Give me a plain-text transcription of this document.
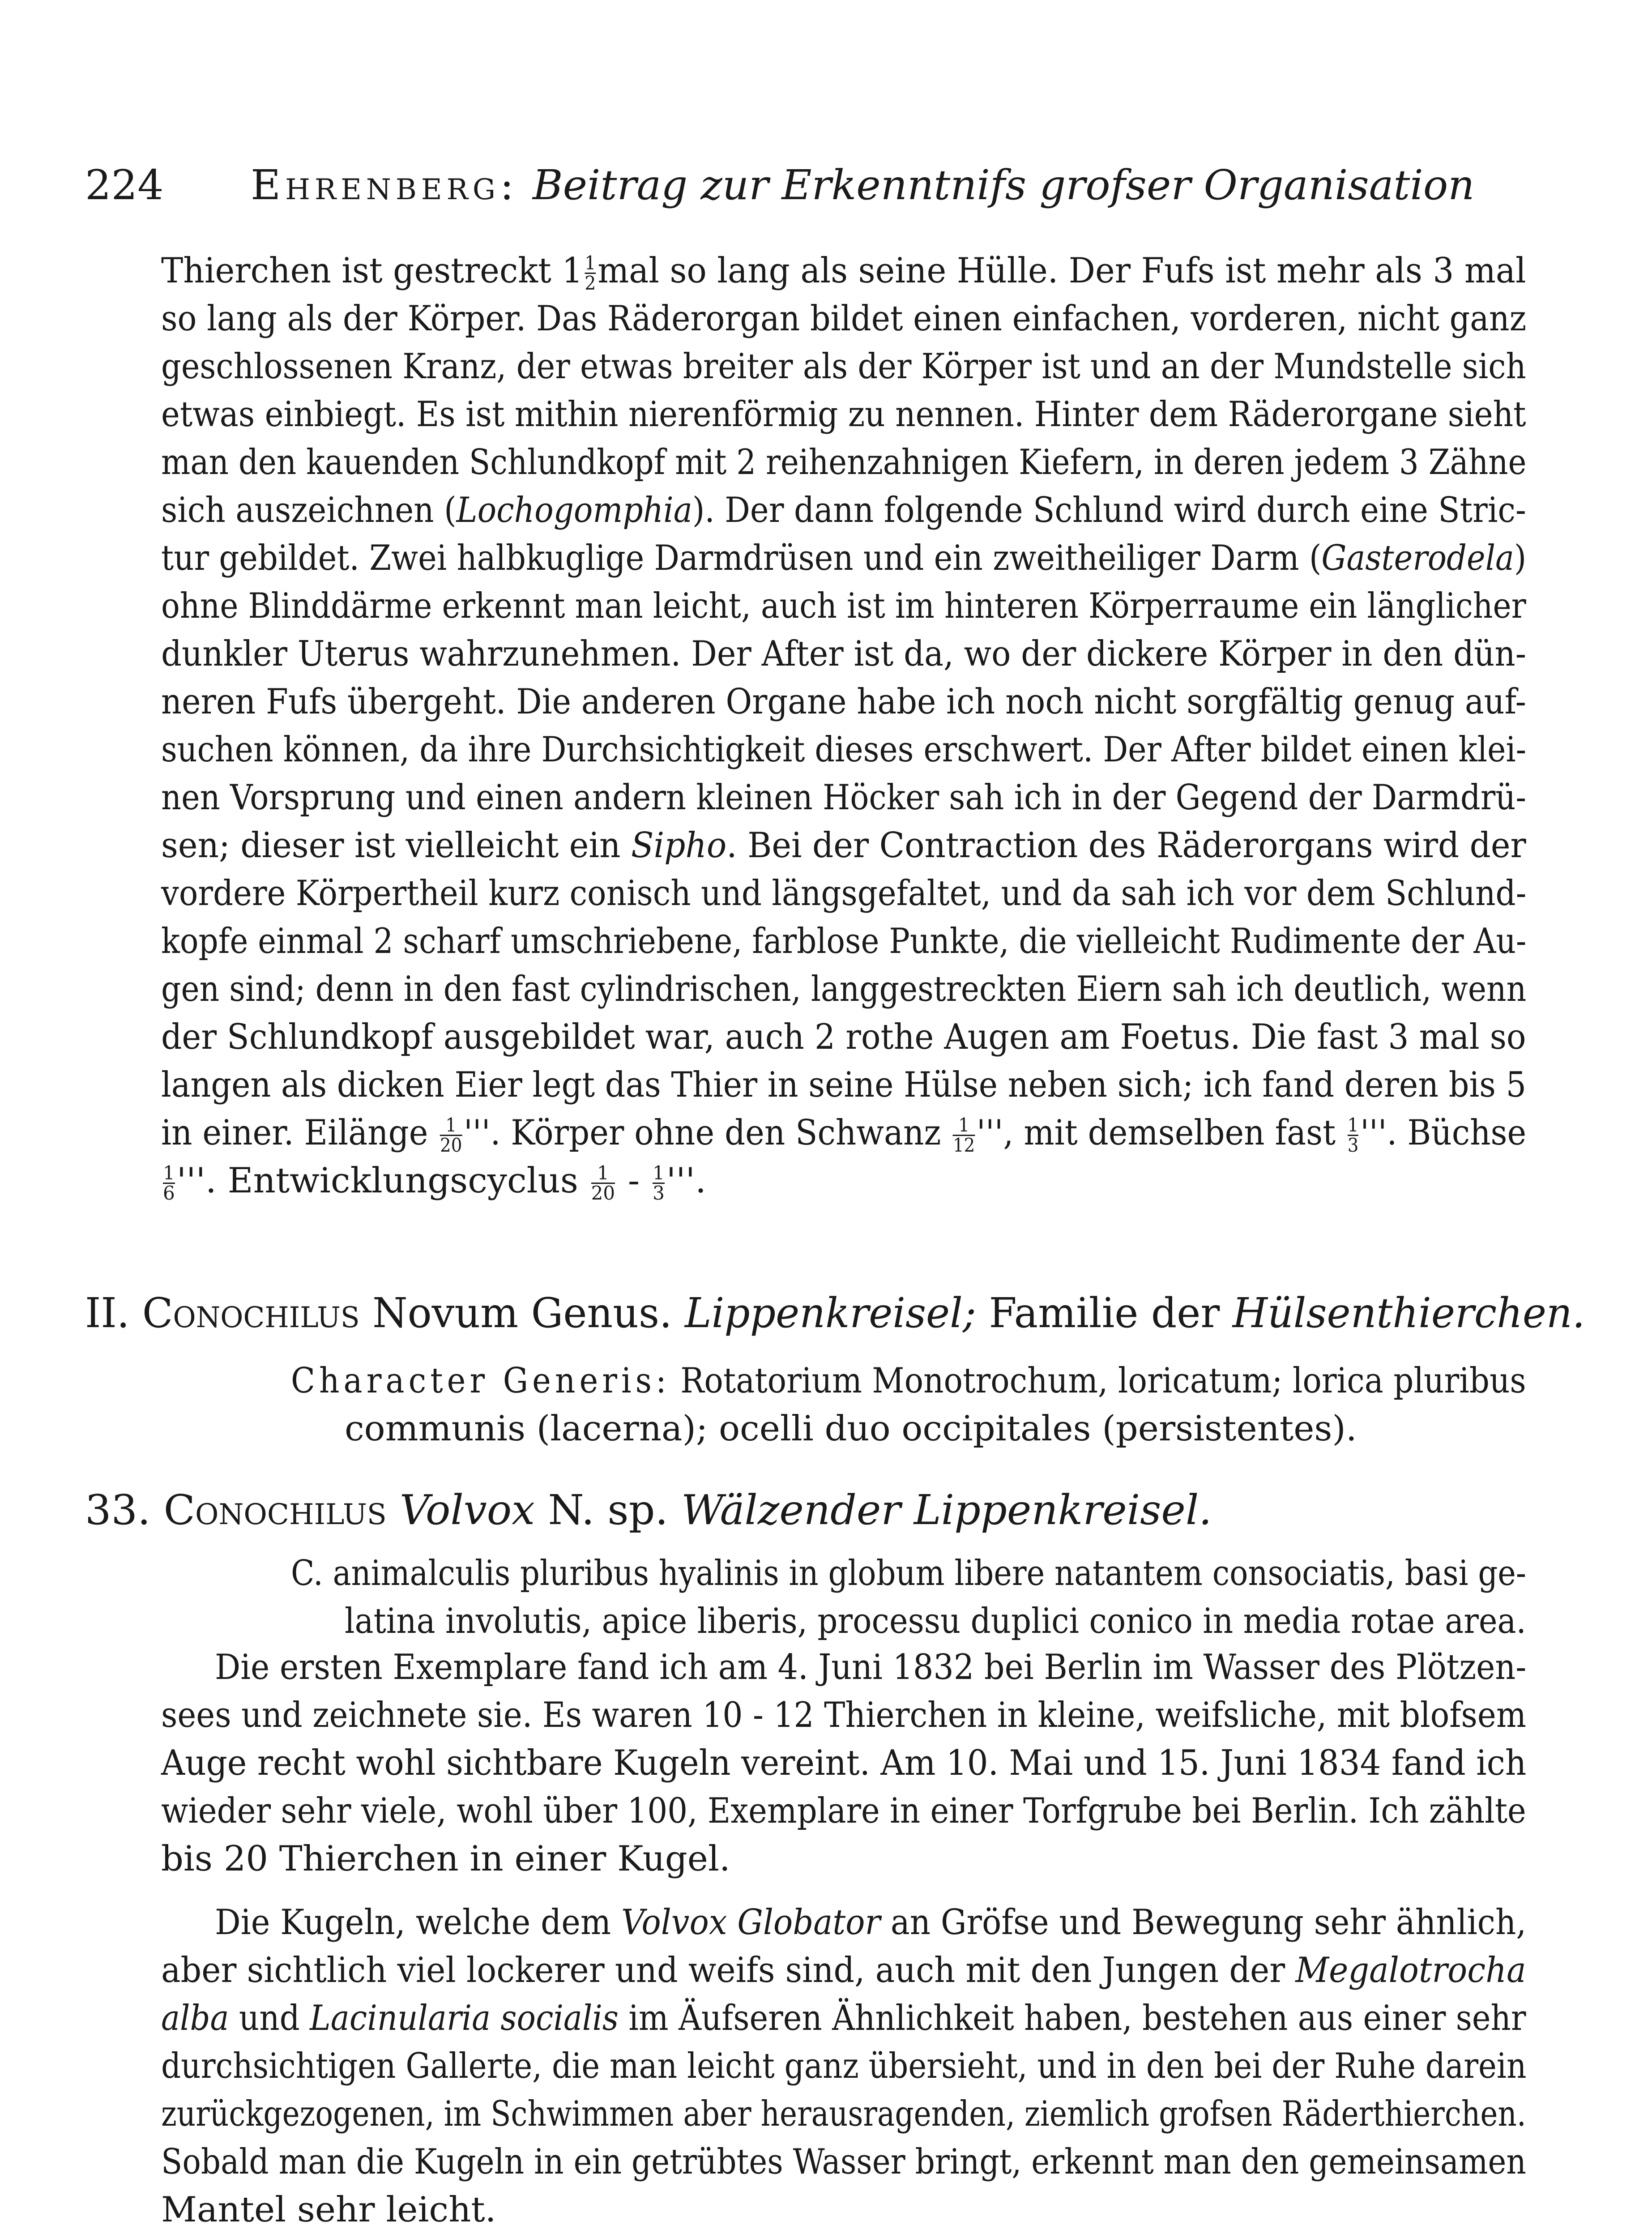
224 Ehrenberg: Beitrag zur Erkenntnifs grofser Organisation
Thierchen ist gestreckt $1 \frac{1}{2}$ mal so lang als seine Hülle. Der Fufs ist mehr als 3 mal
so lang als der Körper. Das Räderorgan bildet einen einfachen, vorderen, nicht ganz
geschlossenen Kranz, der etwas breiter als der Körper ist und an der Mundstelle sich
etwas einbiegt. Es ist mithin nierenförmig zu nennen. Hinter dem Räderorgane sieht
man den kauenden Schlundkopf mit 2 reihenzahnigen Kiefern, in deren jedem 3 Zähne
sich auszeichnen (Lochogomphia). Der dann folgende Schlund wird durch eine Stric-
tur gebildet. Zwei halbkuglige Darmdrüsen und ein zweitheiliger Darm (Gasterodela)
ohne Blinddärme erkennt man leicht, auch ist im hinteren Körperraume ein länglicher
dunkler Uterus wahrzunehmen. Der After ist da, wo der dickere Körper in den dün-
neren Fufs übergeht. Die anderen Organe habe ich noch nicht sorgfältig genug auf-
suchen können, da ihre Durchsichtigkeit dieses erschwert. Der After bildet einen klei-
nen Vorsprung und einen andern kleinen Höcker sah ich in der Gegend der Darmdrü-
sen; dieser ist vielleicht ein Sipho. Bei der Contraction des Räderorgans wird der
vordere Körpertheil kurz conisch und längsgefaltet, und da sah ich vor dem Schlund-
kopfe einmal 2 scharf umschriebene, farblose Punkte, die vielleicht Rudimente der Au-
gen sind; denn in den fast cylindrischen, langgestreckten Eiern sah ich deutlich, wenn
der Schlundkopf ausgebildet war, auch 2 rothe Augen am Foetus. Die fast 3 mal so
langen als dicken Eier legt das Thier in seine Hülse neben sich; ich fand deren bis 5
in einer. Eilänge $\frac{1}{20}$ '''. Körper ohne den Schwanz $\frac{1}{12}$ ''', mit demselben fast $\frac{1}{3}$ '''. Büchse
$\frac{1}{6}$ '''. Entwicklungscyclus $\frac{1}{20} - \frac{1}{3}$ '''.
II. Conochilus Novum Genus. Lippenkreisel; Familie der Hülsenthierchen.
Character Generis: Rotatorium Monotrochum, loricatum; lorica pluribus
communis (lacerna); ocelli duo occipitales (persistentes).
33. Conochilus Volvox N. sp. Wälzender Lippenkreisel.
C. animalculis pluribus hyalinis in globum libere natantem consociatis, basi ge-
latina involutis, apice liberis, processu duplici conico in media rotae area.
Die ersten Exemplare fand ich am 4. Juni 1832 bei Berlin im Wasser des Plötzen-
sees und zeichnete sie. Es waren 10 - 12 Thierchen in kleine, weifsliche, mit blofsem
Auge recht wohl sichtbare Kugeln vereint. Am 10. Mai und 15. Juni 1834 fand ich
wieder sehr viele, wohl über 100, Exemplare in einer Torfgrube bei Berlin. Ich zählte
bis 20 Thierchen in einer Kugel.
Die Kugeln, welche dem Volvox Globator an Gröfse und Bewegung sehr ähnlich,
aber sichtlich viel lockerer und weifs sind, auch mit den Jungen der Megalotrocha
alba und Lacinularia socialis im Äufseren Ähnlichkeit haben, bestehen aus einer sehr
durchsichtigen Gallerte, die man leicht ganz übersieht, und in den bei der Ruhe darein
zurückgezogenen, im Schwimmen aber herausragenden, ziemlich grofsen Räderthierchen.
Sobald man die Kugeln in ein getrübtes Wasser bringt, erkennt man den gemeinsamen
Mantel sehr leicht.
